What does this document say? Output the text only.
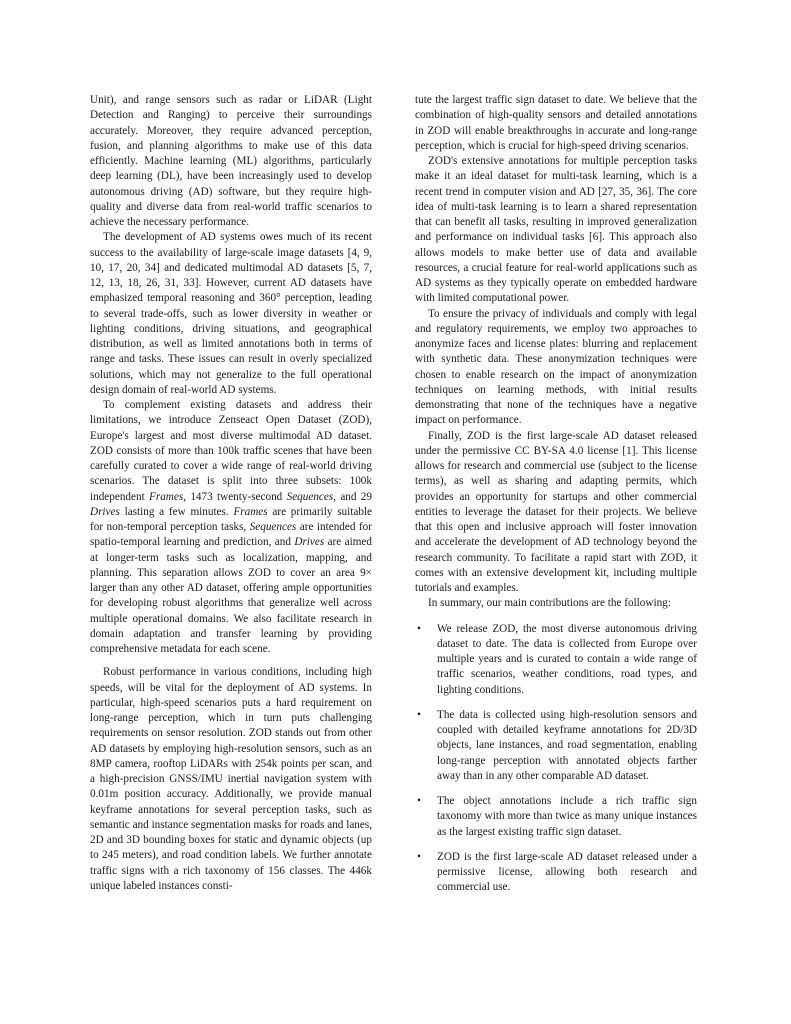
Unit), and range sensors such as radar or LiDAR (Light Detection and Ranging) to perceive their surroundings accurately. Moreover, they require advanced perception, fusion, and planning algorithms to make use of this data efficiently. Machine learning (ML) algorithms, particularly deep learning (DL), have been increasingly used to develop autonomous driving (AD) software, but they require high-quality and diverse data from real-world traffic scenarios to achieve the necessary performance.

The development of AD systems owes much of its recent success to the availability of large-scale image datasets [4, 9, 10, 17, 20, 34] and dedicated multimodal AD datasets [5, 7, 12, 13, 18, 26, 31, 33]. However, current AD datasets have emphasized temporal reasoning and 360° perception, leading to several trade-offs, such as lower diversity in weather or lighting conditions, driving situations, and geographical distribution, as well as limited annotations both in terms of range and tasks. These issues can result in overly specialized solutions, which may not generalize to the full operational design domain of real-world AD systems.

To complement existing datasets and address their limitations, we introduce Zenseact Open Dataset (ZOD), Europe's largest and most diverse multimodal AD dataset. ZOD consists of more than 100k traffic scenes that have been carefully curated to cover a wide range of real-world driving scenarios. The dataset is split into three subsets: 100k independent Frames, 1473 twenty-second Sequences, and 29 Drives lasting a few minutes. Frames are primarily suitable for non-temporal perception tasks, Sequences are intended for spatio-temporal learning and prediction, and Drives are aimed at longer-term tasks such as localization, mapping, and planning. This separation allows ZOD to cover an area 9× larger than any other AD dataset, offering ample opportunities for developing robust algorithms that generalize well across multiple operational domains. We also facilitate research in domain adaptation and transfer learning by providing comprehensive metadata for each scene.

Robust performance in various conditions, including high speeds, will be vital for the deployment of AD systems. In particular, high-speed scenarios puts a hard requirement on long-range perception, which in turn puts challenging requirements on sensor resolution. ZOD stands out from other AD datasets by employing high-resolution sensors, such as an 8MP camera, rooftop LiDARs with 254k points per scan, and a high-precision GNSS/IMU inertial navigation system with 0.01m position accuracy. Additionally, we provide manual keyframe annotations for several perception tasks, such as semantic and instance segmentation masks for roads and lanes, 2D and 3D bounding boxes for static and dynamic objects (up to 245 meters), and road condition labels. We further annotate traffic signs with a rich taxonomy of 156 classes. The 446k unique labeled instances consti-

tute the largest traffic sign dataset to date. We believe that the combination of high-quality sensors and detailed annotations in ZOD will enable breakthroughs in accurate and long-range perception, which is crucial for high-speed driving scenarios.

ZOD's extensive annotations for multiple perception tasks make it an ideal dataset for multi-task learning, which is a recent trend in computer vision and AD [27, 35, 36]. The core idea of multi-task learning is to learn a shared representation that can benefit all tasks, resulting in improved generalization and performance on individual tasks [6]. This approach also allows models to make better use of data and available resources, a crucial feature for real-world applications such as AD systems as they typically operate on embedded hardware with limited computational power.

To ensure the privacy of individuals and comply with legal and regulatory requirements, we employ two approaches to anonymize faces and license plates: blurring and replacement with synthetic data. These anonymization techniques were chosen to enable research on the impact of anonymization techniques on learning methods, with initial results demonstrating that none of the techniques have a negative impact on performance.

Finally, ZOD is the first large-scale AD dataset released under the permissive CC BY-SA 4.0 license [1]. This license allows for research and commercial use (subject to the license terms), as well as sharing and adapting permits, which provides an opportunity for startups and other commercial entities to leverage the dataset for their projects. We believe that this open and inclusive approach will foster innovation and accelerate the development of AD technology beyond the research community. To facilitate a rapid start with ZOD, it comes with an extensive development kit, including multiple tutorials and examples.

In summary, our main contributions are the following:

• We release ZOD, the most diverse autonomous driving dataset to date. The data is collected from Europe over multiple years and is curated to contain a wide range of traffic scenarios, weather conditions, road types, and lighting conditions.
• The data is collected using high-resolution sensors and coupled with detailed keyframe annotations for 2D/3D objects, lane instances, and road segmentation, enabling long-range perception with annotated objects farther away than in any other comparable AD dataset.
• The object annotations include a rich traffic sign taxonomy with more than twice as many unique instances as the largest existing traffic sign dataset.
• ZOD is the first large-scale AD dataset released under a permissive license, allowing both research and commercial use.
